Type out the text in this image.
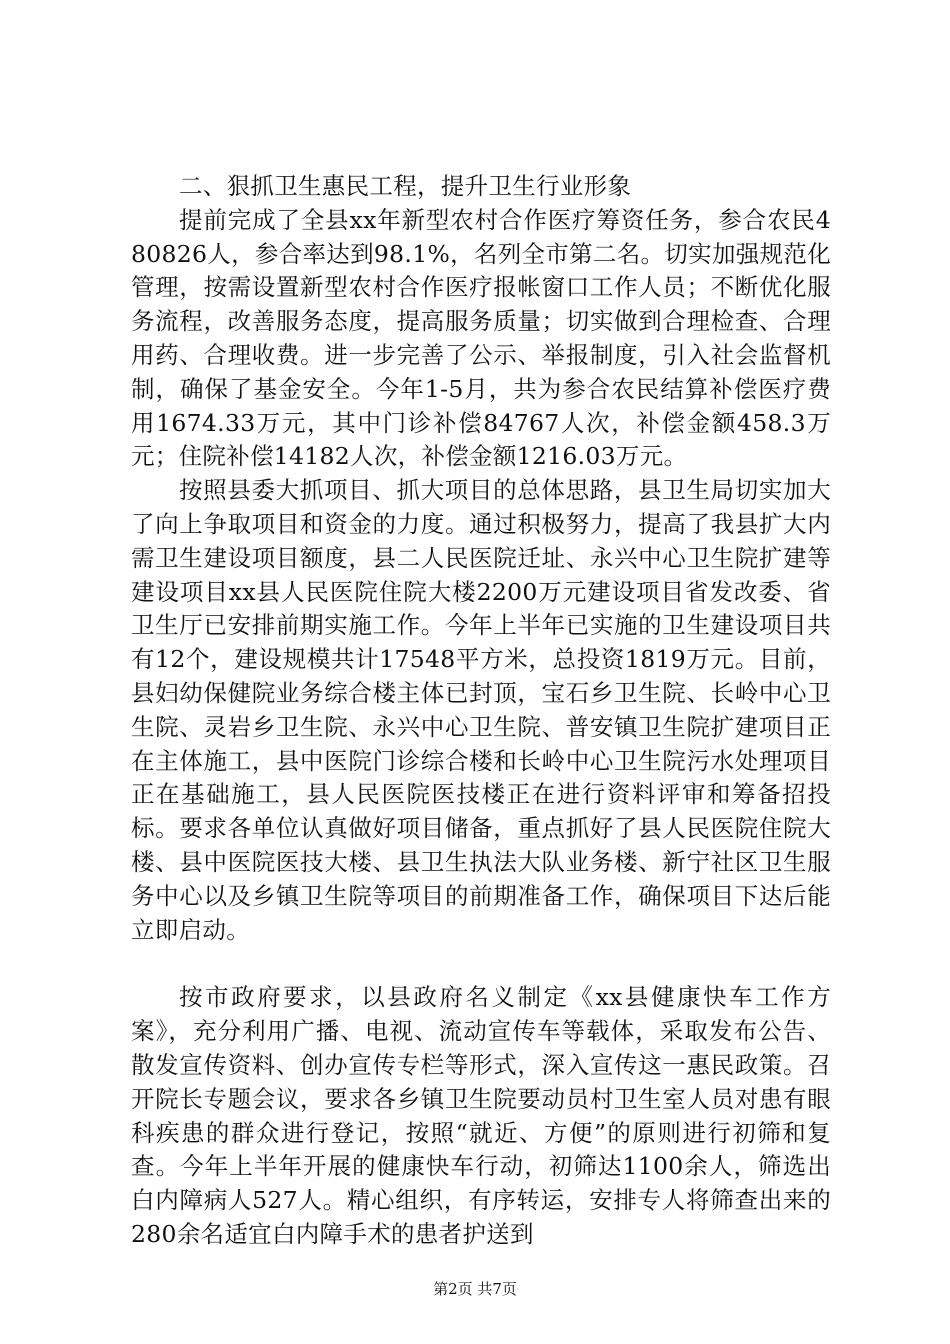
二、狠抓卫生惠民工程，提升卫生行业形象

提前完成了全县xx年新型农村合作医疗筹资任务，参合农民480826人，参合率达到98.1%，名列全市第二名。切实加强规范化管理，按需设置新型农村合作医疗报帐窗口工作人员；不断优化服务流程，改善服务态度，提高服务质量；切实做到合理检查、合理用药、合理收费。进一步完善了公示、举报制度，引入社会监督机制，确保了基金安全。今年1-5月，共为参合农民结算补偿医疗费用1674.33万元，其中门诊补偿84767人次，补偿金额458.3万元；住院补偿14182人次，补偿金额1216.03万元。

按照县委大抓项目、抓大项目的总体思路，县卫生局切实加大了向上争取项目和资金的力度。通过积极努力，提高了我县扩大内需卫生建设项目额度，县二人民医院迁址、永兴中心卫生院扩建等建设项目xx县人民医院住院大楼2200万元建设项目省发改委、省卫生厅已安排前期实施工作。今年上半年已实施的卫生建设项目共有12个，建设规模共计17548平方米，总投资1819万元。目前，县妇幼保健院业务综合楼主体已封顶，宝石乡卫生院、长岭中心卫生院、灵岩乡卫生院、永兴中心卫生院、普安镇卫生院扩建项目正在主体施工，县中医院门诊综合楼和长岭中心卫生院污水处理项目正在基础施工，县人民医院医技楼正在进行资料评审和筹备招投标。要求各单位认真做好项目储备，重点抓好了县人民医院住院大楼、县中医院医技大楼、县卫生执法大队业务楼、新宁社区卫生服务中心以及乡镇卫生院等项目的前期准备工作，确保项目下达后能立即启动。

按市政府要求，以县政府名义制定《xx县健康快车工作方案》，充分利用广播、电视、流动宣传车等载体，采取发布公告、散发宣传资料、创办宣传专栏等形式，深入宣传这一惠民政策。召开院长专题会议，要求各乡镇卫生院要动员村卫生室人员对患有眼科疾患的群众进行登记，按照“就近、方便”的原则进行初筛和复查。今年上半年开展的健康快车行动，初筛达1100余人，筛选出白内障病人527人。精心组织，有序转运，安排专人将筛查出来的280余名适宜白内障手术的患者护送到

第2页 共7页
